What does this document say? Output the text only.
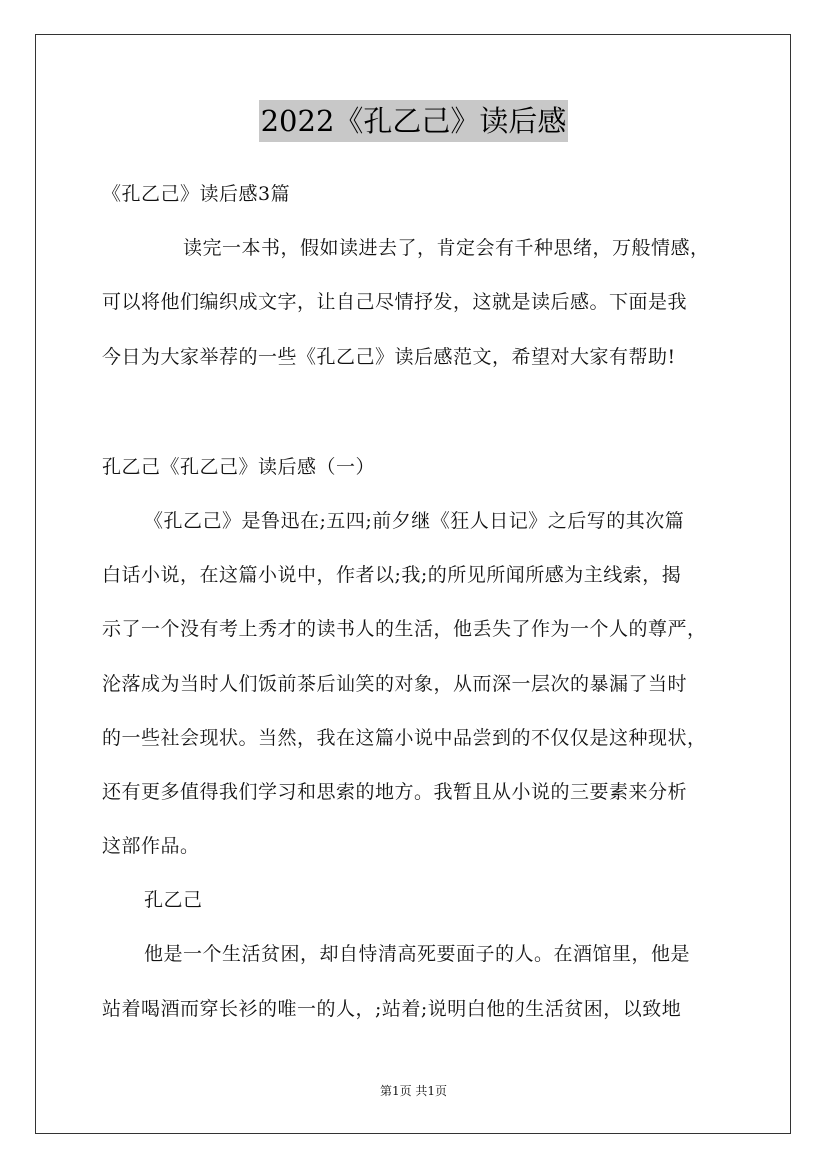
2022《孔乙己》读后感
《孔乙己》读后感3篇
读完一本书，假如读进去了，肯定会有千种思绪，万般情感，
可以将他们编织成文字，让自己尽情抒发，这就是读后感。下面是我
今日为大家举荐的一些《孔乙己》读后感范文，希望对大家有帮助!
孔乙己《孔乙己》读后感（一）
《孔乙己》是鲁迅在;五四;前夕继《狂人日记》之后写的其次篇
白话小说，在这篇小说中，作者以;我;的所见所闻所感为主线索，揭
示了一个没有考上秀才的读书人的生活，他丢失了作为一个人的尊严，
沦落成为当时人们饭前茶后讪笑的对象，从而深一层次的暴漏了当时
的一些社会现状。当然，我在这篇小说中品尝到的不仅仅是这种现状，
还有更多值得我们学习和思索的地方。我暂且从小说的三要素来分析
这部作品。
孔乙己
他是一个生活贫困，却自恃清高死要面子的人。在酒馆里，他是
站着喝酒而穿长衫的唯一的人，;站着;说明白他的生活贫困，以致地
第1页 共1页
